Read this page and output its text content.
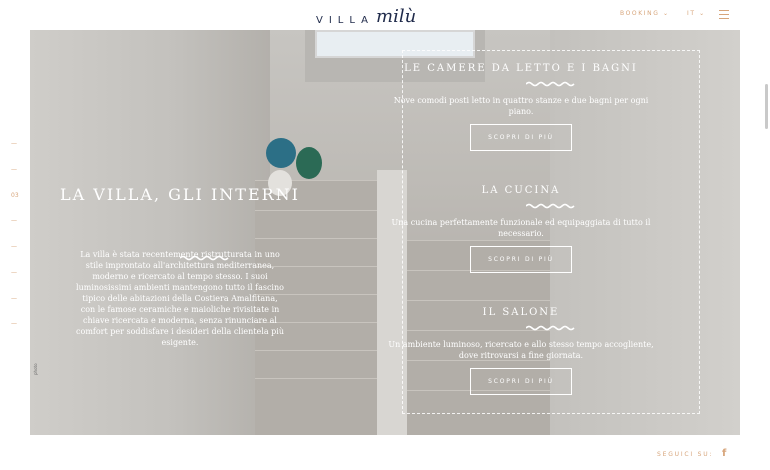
VILLA milù	BOOKING ⌄	IT ⌄
photo
LA VILLA, GLI INTERNI
La villa è stata recentemente ristrutturata in uno stile improntato all'architettura mediterranea, moderno e ricercato al tempo stesso. I suoi luminosissimi ambienti mantengono tutto il fascino tipico delle abitazioni della Costiera Amalfitana, con le famose ceramiche e maioliche rivisitate in chiave ricercata e moderna, senza rinunciare al comfort per soddisfare i desideri della clientela più esigente.
LE CAMERE DA LETTO E I BAGNI
Nove comodi posti letto in quattro stanze e due bagni per ogni piano.
SCOPRI DI PIÙ
LA CUCINA
Una cucina perfettamente funzionale ed equipaggiata di tutto il necessario.
SCOPRI DI PIÙ
IL SALONE
Un ambiente luminoso, ricercato e allo stesso tempo accogliente, dove ritrovarsi a fine giornata.
SCOPRI DI PIÙ
—
—
03
—
—
—
—
—
SEGUICI SU: f
